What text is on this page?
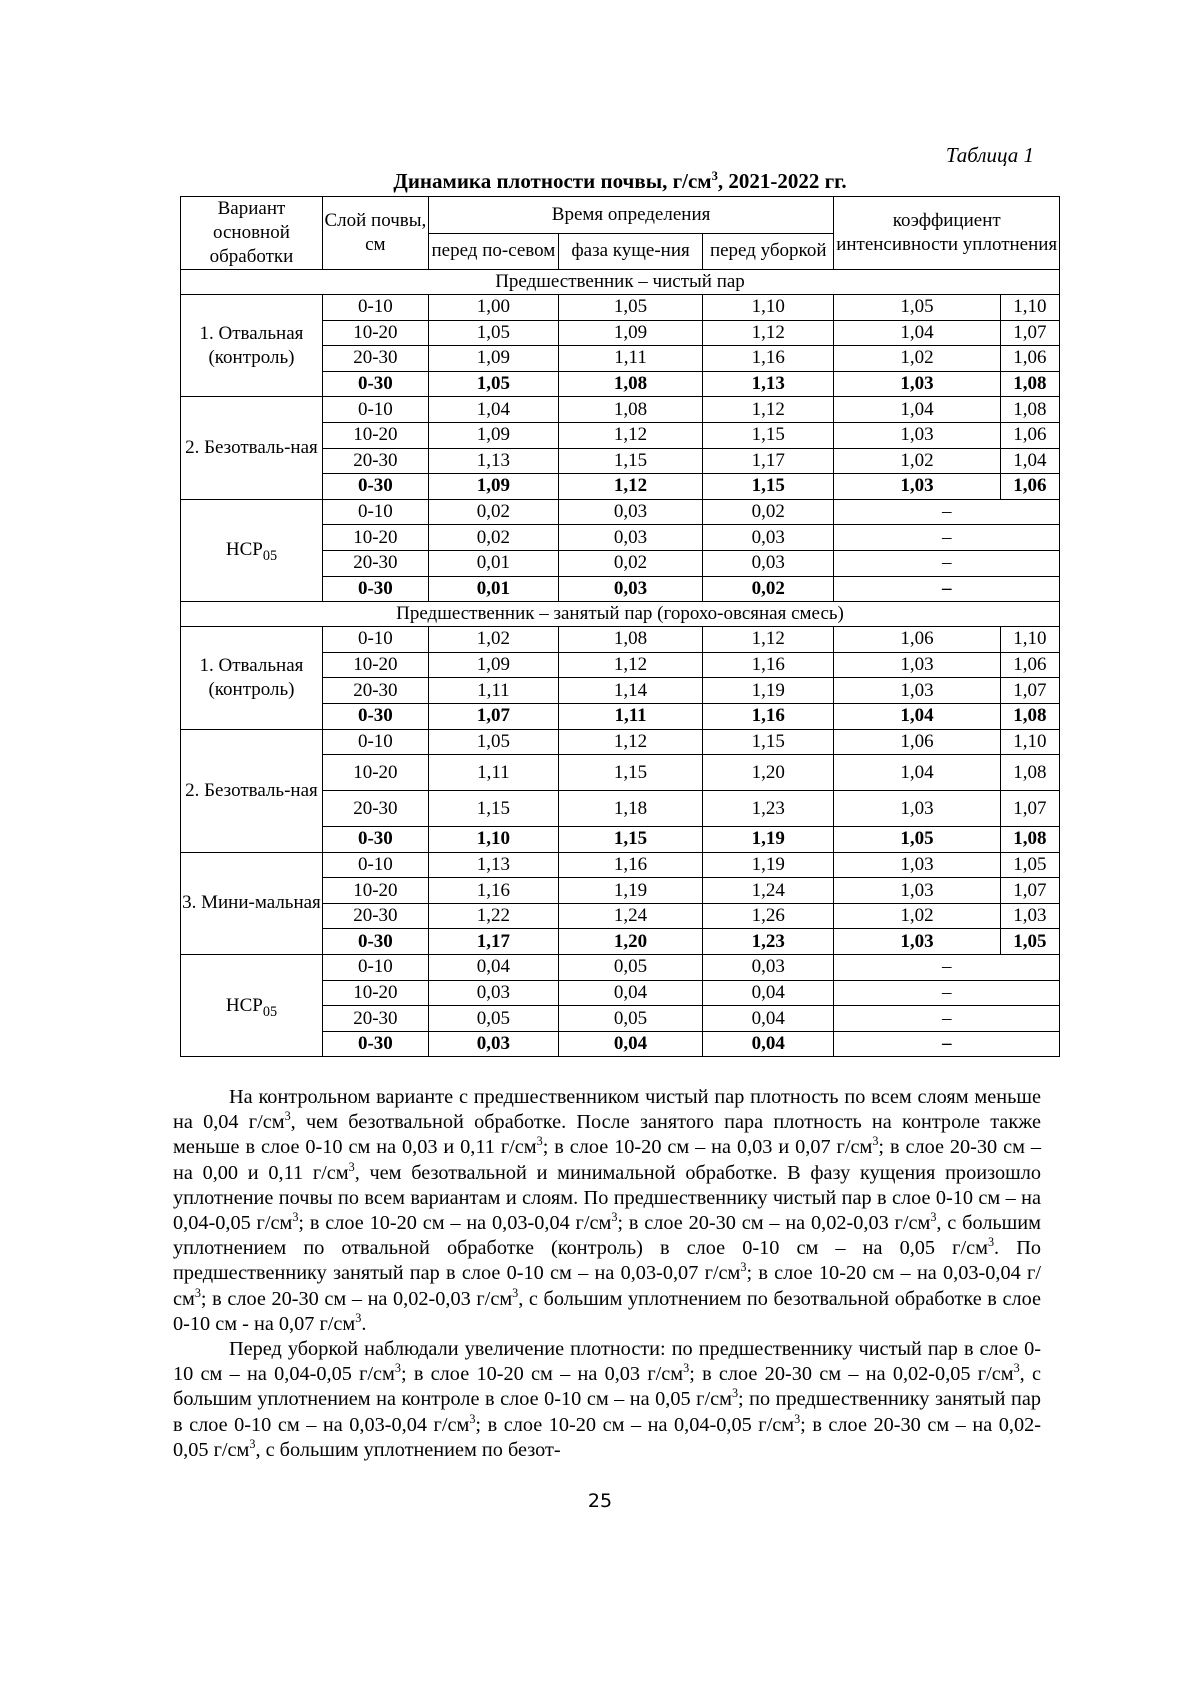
Таблица 1
Динамика плотности почвы, $г/см^3$, 2021-2022 гг.
Вариант основной обработки	Слой почвы, см	Время определения			коэффициент интенсивности уплотнения	
		перед по-севом	фаза куще-ния	перед уборкой		
Предшественник – чистый пар						
1. Отвальная (контроль)	0-10	1,00	1,05	1,10	1,05	1,10
	10-20	1,05	1,09	1,12	1,04	1,07
	20-30	1,09	1,11	1,16	1,02	1,06
	0-30	1,05	1,08	1,13	1,03	1,08
2. Безотваль-ная	0-10	1,04	1,08	1,12	1,04	1,08
	10-20	1,09	1,12	1,15	1,03	1,06
	20-30	1,13	1,15	1,17	1,02	1,04
	0-30	1,09	1,12	1,15	1,03	1,06
$НСР_{05}$	0-10	0,02	0,03	0,02	–	
	10-20	0,02	0,03	0,03	–	
	20-30	0,01	0,02	0,03	–	
	0-30	0,01	0,03	0,02	–	
Предшественник – занятый пар (горохо-овсяная смесь)						
1. Отвальная (контроль)	0-10	1,02	1,08	1,12	1,06	1,10
	10-20	1,09	1,12	1,16	1,03	1,06
	20-30	1,11	1,14	1,19	1,03	1,07
	0-30	1,07	1,11	1,16	1,04	1,08
2. Безотваль-ная	0-10	1,05	1,12	1,15	1,06	1,10
	10-20	1,11	1,15	1,20	1,04	1,08
	20-30	1,15	1,18	1,23	1,03	1,07
	0-30	1,10	1,15	1,19	1,05	1,08
3. Мини-мальная	0-10	1,13	1,16	1,19	1,03	1,05
	10-20	1,16	1,19	1,24	1,03	1,07
	20-30	1,22	1,24	1,26	1,02	1,03
	0-30	1,17	1,20	1,23	1,03	1,05
$НСР_{05}$	0-10	0,04	0,05	0,03	–	
	10-20	0,03	0,04	0,04	–	
	20-30	0,05	0,05	0,04	–	
	0-30	0,03	0,04	0,04	–	

На контрольном варианте с предшественником чистый пар плотность по всем слоям меньше на 0,04 $г/см^3$, чем безотвальной обработке. После занятого пара плотность на контроле также меньше в слое 0-10 см на 0,03 и 0,11 $г/см^3$; в слое 10-20 см – на 0,03 и 0,07 $г/см^3$; в слое 20-30 см – на 0,00 и 0,11 $г/см^3$, чем безотвальной и минимальной обработке. В фазу кущения произошло уплотнение почвы по всем вариантам и слоям. По предшественнику чистый пар в слое 0-10 см – на 0,04-0,05 $г/см^3$; в слое 10-20 см – на 0,03-0,04 $г/см^3$; в слое 20-30 см – на 0,02-0,03 $г/см^3$, с большим уплотнением по отвальной обработке (контроль) в слое 0-10 см – на 0,05 $г/см^3$. По предшественнику занятый пар в слое 0-10 см – на 0,03-0,07 $г/см^3$; в слое 10-20 см – на 0,03-0,04 $г/см^3$; в слое 20-30 см – на 0,02-0,03 $г/см^3$, с большим уплотнением по безотвальной обработке в слое 0-10 см - на 0,07 $г/см^3$.

Перед уборкой наблюдали увеличение плотности: по предшественнику чистый пар в слое 0-10 см – на 0,04-0,05 $г/см^3$; в слое 10-20 см – на 0,03 $г/см^3$; в слое 20-30 см – на 0,02-0,05 $г/см^3$, с большим уплотнением на контроле в слое 0-10 см – на 0,05 $г/см^3$; по предшественнику занятый пар в слое 0-10 см – на 0,03-0,04 $г/см^3$; в слое 10-20 см – на 0,04-0,05 $г/см^3$; в слое 20-30 см – на 0,02-0,05 $г/см^3$, с большим уплотнением по безот-

25
